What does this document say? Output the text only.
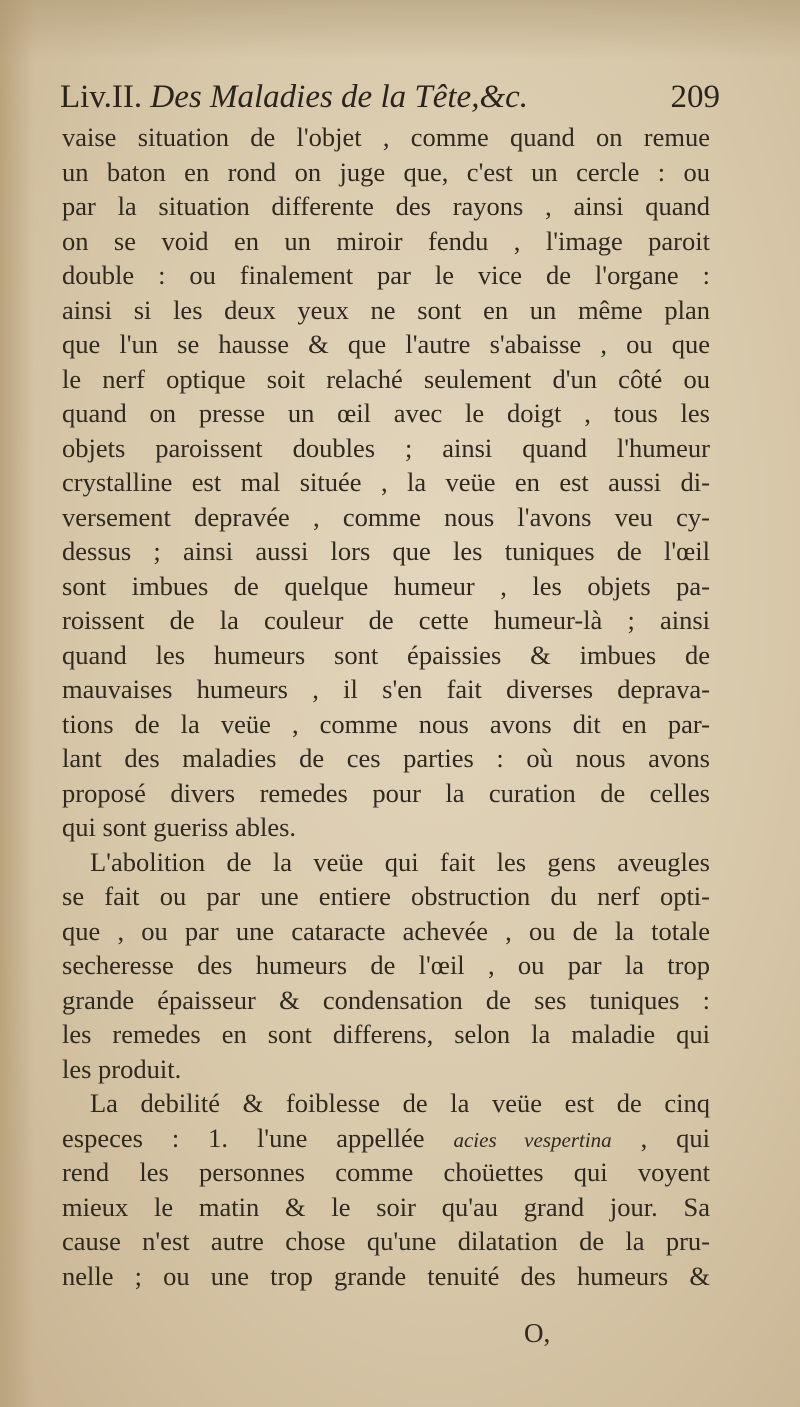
Liv.II. Des Maladies de la Tête,&c.	209
vaise situation de l'objet , comme quand on remue
un baton en rond on juge que, c'est un cercle : ou
par la situation differente des rayons , ainsi quand
on se void en un miroir fendu , l'image paroit
double : ou finalement par le vice de l'organe :
ainsi si les deux yeux ne sont en un même plan
que l'un se hausse & que l'autre s'abaisse , ou que
le nerf optique soit relaché seulement d'un côté ou
quand on presse un œil avec le doigt , tous les
objets paroissent doubles ; ainsi quand l'humeur
crystalline est mal située , la veüe en est aussi di-
versement depravée , comme nous l'avons veu cy-
dessus ; ainsi aussi lors que les tuniques de l'œil
sont imbues de quelque humeur , les objets pa-
roissent de la couleur de cette humeur-là ; ainsi
quand les humeurs sont épaissies & imbues de
mauvaises humeurs , il s'en fait diverses deprava-
tions de la veüe , comme nous avons dit en par-
lant des maladies de ces parties : où nous avons
proposé divers remedes pour la curation de celles
qui sont gueriss ables.
L'abolition de la veüe qui fait les gens aveugles
se fait ou par une entiere obstruction du nerf opti-
que , ou par une cataracte achevée , ou de la totale
secheresse des humeurs de l'œil , ou par la trop
grande épaisseur & condensation de ses tuniques :
les remedes en sont differens, selon la maladie qui
les produit.
La debilité & foiblesse de la veüe est de cinq
especes : 1. l'une appellée acies vespertina , qui
rend les personnes comme choüettes qui voyent
mieux le matin & le soir qu'au grand jour. Sa
cause n'est autre chose qu'une dilatation de la pru-
nelle ; ou une trop grande tenuité des humeurs &
O,
